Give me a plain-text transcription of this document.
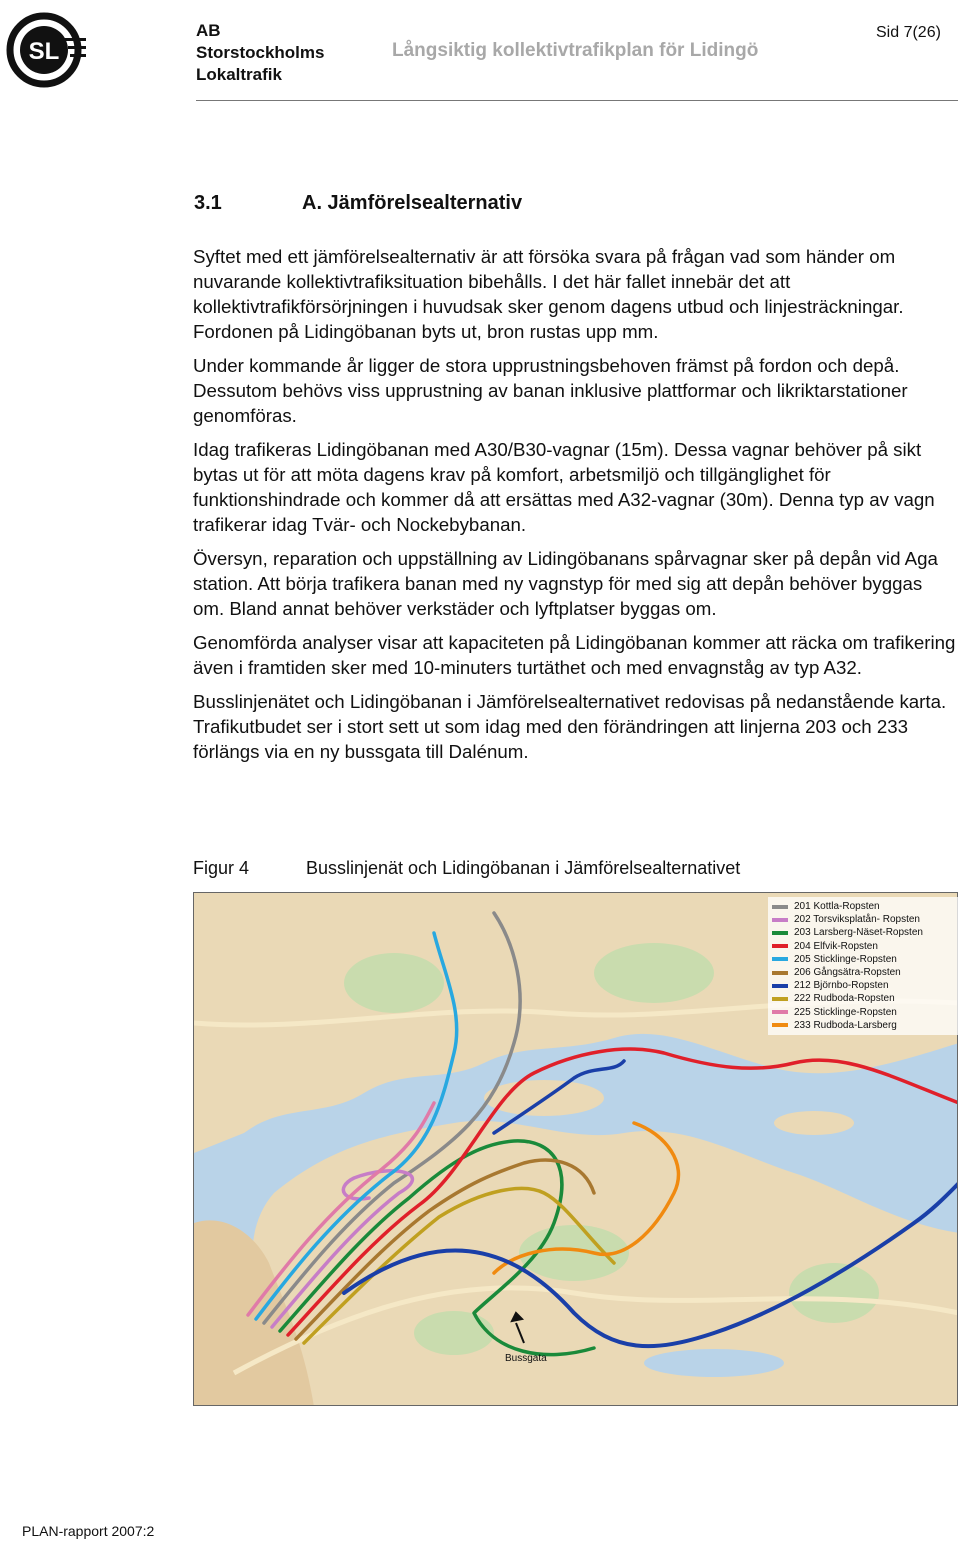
SL
AB
Storstockholms
Lokaltrafik
Långsiktig kollektivtrafikplan för Lidingö
Sid 7(26)
3.1	A. Jämförelsealternativ

Syftet med ett jämförelsealternativ är att försöka svara på frågan vad som händer om nuvarande kollektivtrafiksituation bibehålls. I det här fallet innebär det att kollektivtrafikförsörjningen i huvudsak sker genom dagens utbud och linjesträckningar. Fordonen på Lidingöbanan byts ut, bron rustas upp mm.

Under kommande år ligger de stora upprustningsbehoven främst på fordon och depå. Dessutom behövs viss upprustning av banan inklusive plattformar och likriktarstationer genomföras.

Idag trafikeras Lidingöbanan med A30/B30-vagnar (15m). Dessa vagnar behöver på sikt bytas ut för att möta dagens krav på komfort, arbetsmiljö och tillgänglighet för funktionshindrade och kommer då att ersättas med A32-vagnar (30m). Denna typ av vagn trafikerar idag Tvär- och Nockebybanan.

Översyn, reparation och uppställning av Lidingöbanans spårvagnar sker på depån vid Aga station. Att börja trafikera banan med ny vagnstyp för med sig att depån behöver byggas om. Bland annat behöver verkstäder och lyftplatser byggas om.

Genomförda analyser visar att kapaciteten på Lidingöbanan kommer att räcka om trafikering även i framtiden sker med 10-minuters turtäthet och med envagnståg av typ A32.

Busslinjenätet och Lidingöbanan i Jämförelsealternativet redovisas på nedanstående karta. Trafikutbudet ser i stort sett ut som idag med den förändringen att linjerna 203 och 233 förlängs via en ny bussgata till Dalénum.

Figur 4	Busslinjenät och Lidingöbanan i Jämförelsealternativet
201 Kottla-Ropsten
202 Torsviksplatån- Ropsten
203 Larsberg-Näset-Ropsten
204 Elfvik-Ropsten
205 Sticklinge-Ropsten
206 Gångsätra-Ropsten
212 Björnbo-Ropsten
222 Rudboda-Ropsten
225 Sticklinge-Ropsten
233 Rudboda-Larsberg
Bussgata
PLAN-rapport 2007:2
